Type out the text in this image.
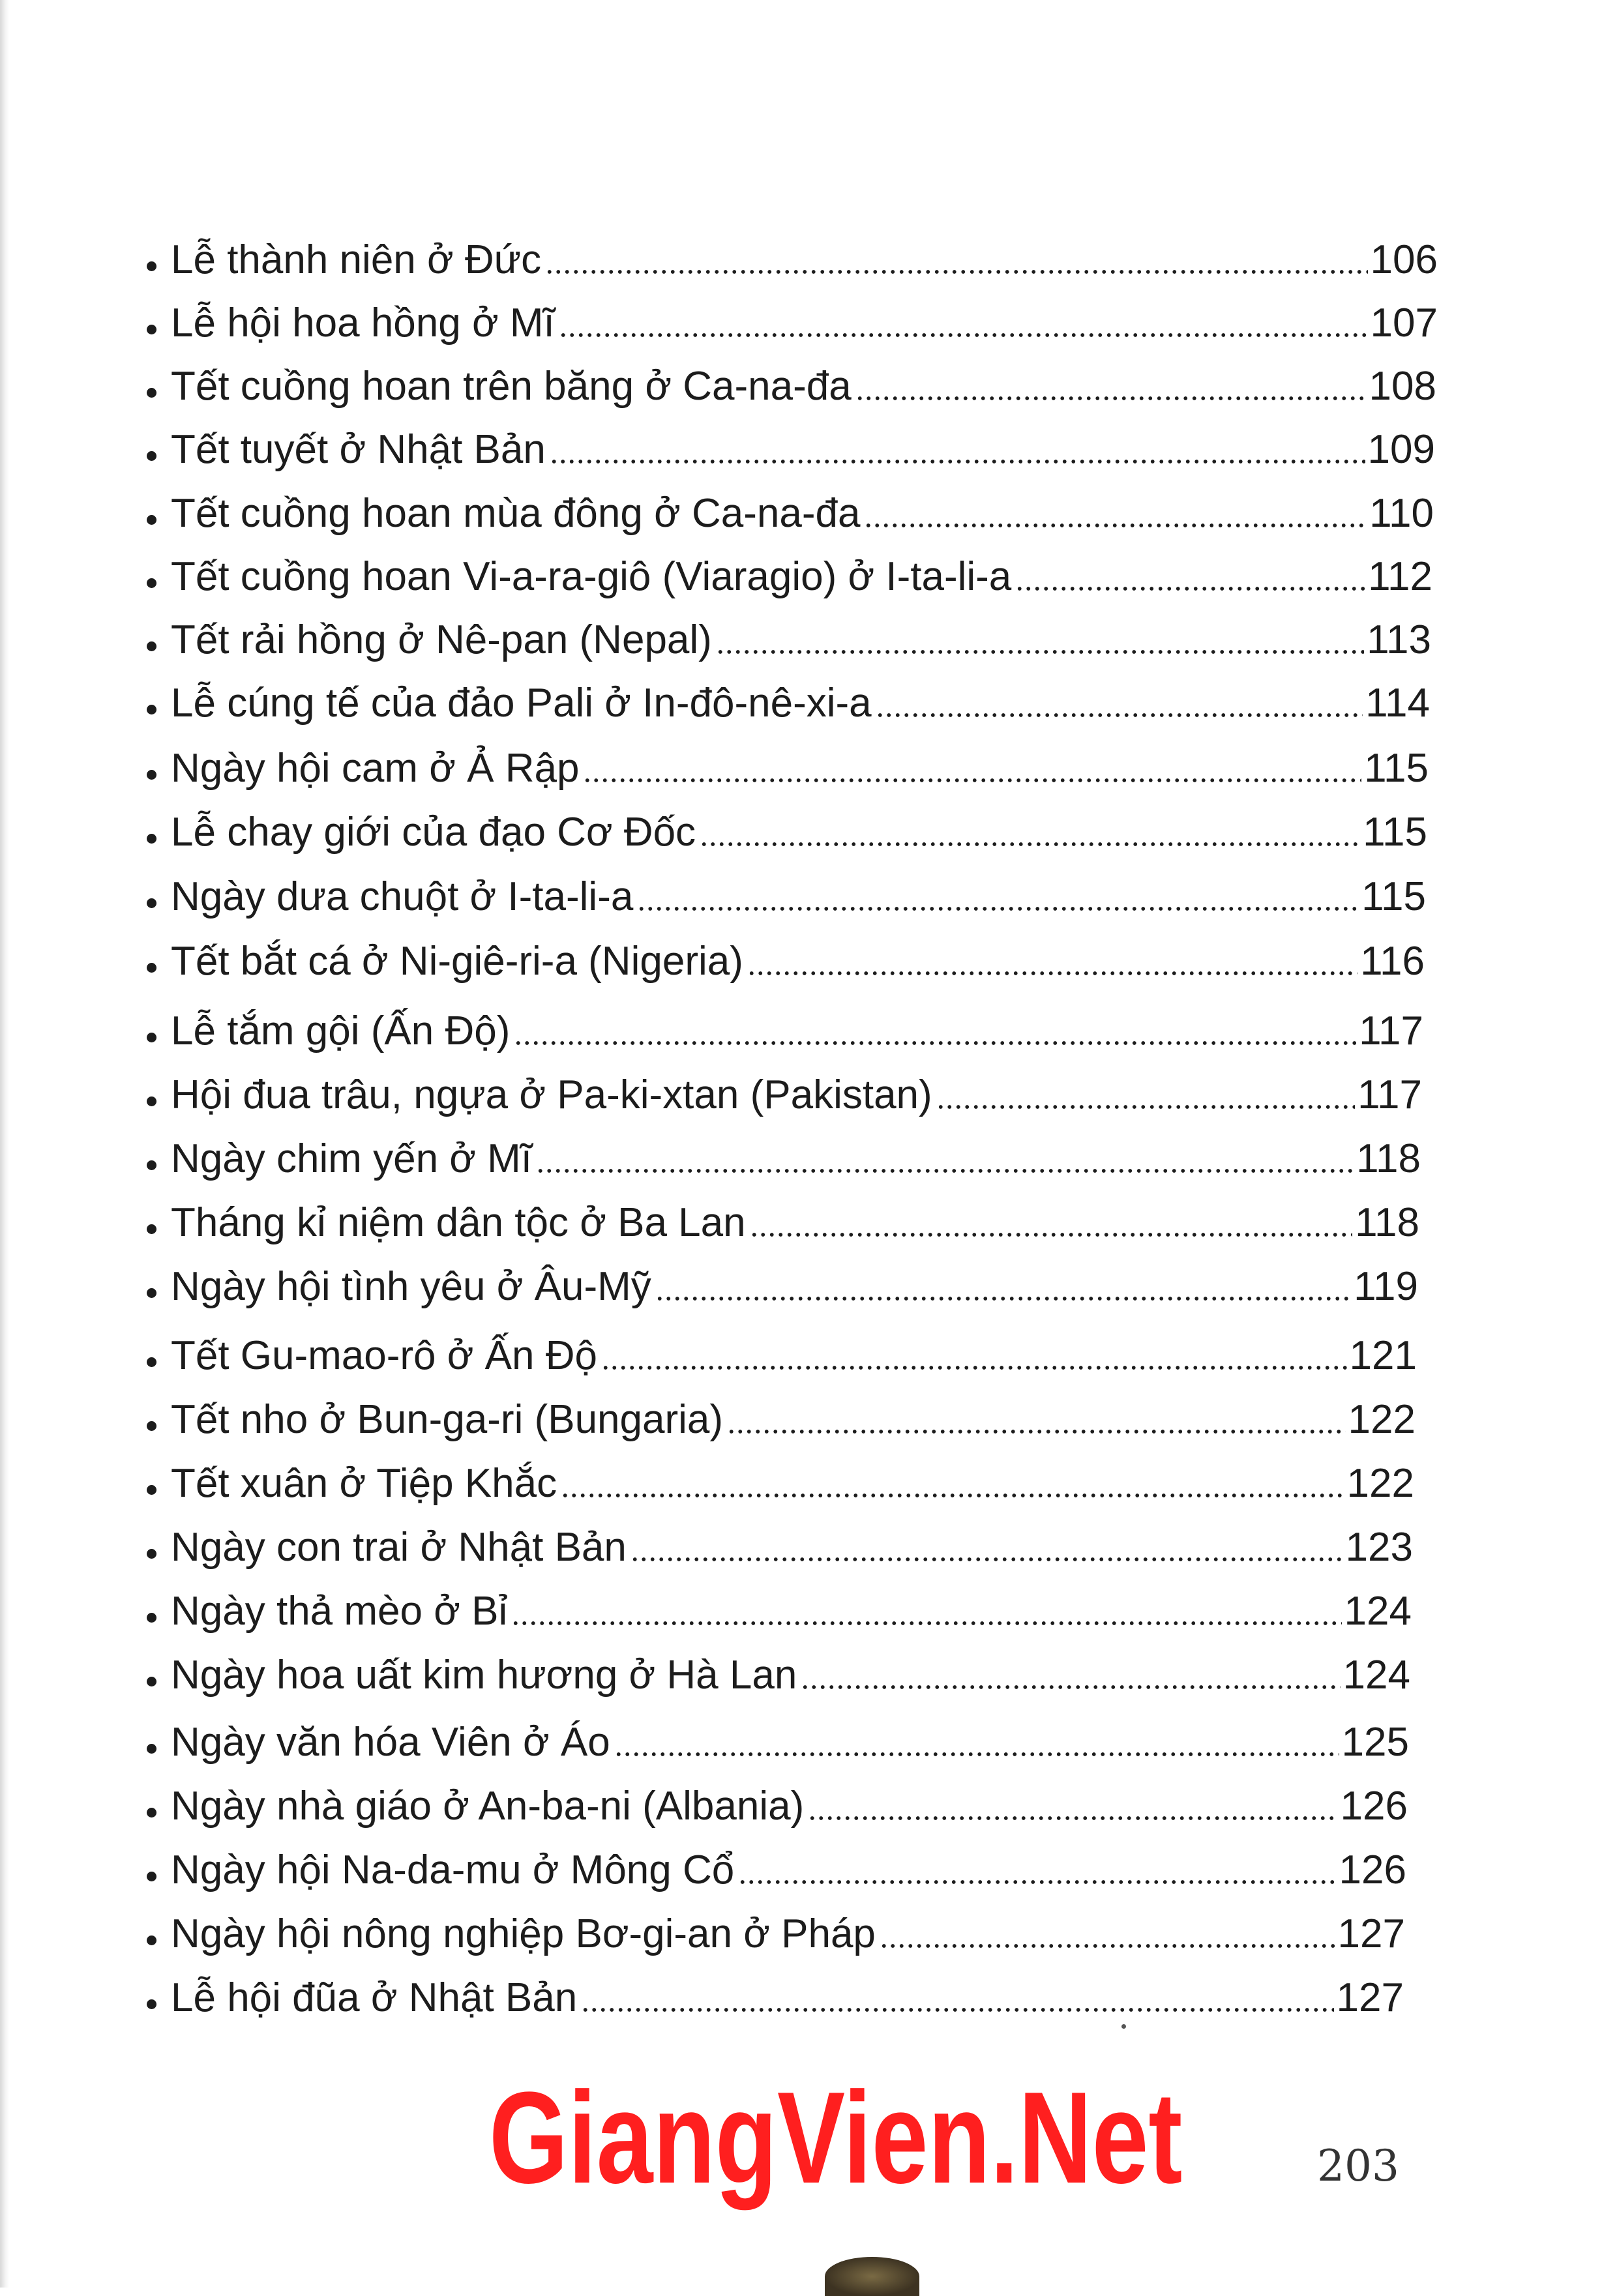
Lễ thành niên ở Đức	106
Lễ hội hoa hồng ở Mĩ	107
Tết cuồng hoan trên băng ở Ca-na-đa	108
Tết tuyết ở Nhật Bản	109
Tết cuồng hoan mùa đông ở Ca-na-đa	110
Tết cuồng hoan Vi-a-ra-giô (Viaragio) ở I-ta-li-a	112
Tết rải hồng ở Nê-pan (Nepal)	113
Lễ cúng tế của đảo Pali ở In-đô-nê-xi-a	114
Ngày hội cam ở Ả Rập	115
Lễ chay giới của đạo Cơ Đốc	115
Ngày dưa chuột ở I-ta-li-a	115
Tết bắt cá ở Ni-giê-ri-a (Nigeria)	116
Lễ tắm gội (Ấn Độ)	117
Hội đua trâu, ngựa ở Pa-ki-xtan (Pakistan)	117
Ngày chim yến ở Mĩ	118
Tháng kỉ niệm dân tộc ở Ba Lan	118
Ngày hội tình yêu ở Âu-Mỹ	119
Tết Gu-mao-rô ở Ấn Độ	121
Tết nho ở Bun-ga-ri (Bungaria)	122
Tết xuân ở Tiệp Khắc	122
Ngày con trai ở Nhật Bản	123
Ngày thả mèo ở Bỉ	124
Ngày hoa uất kim hương ở Hà Lan	124
Ngày văn hóa Viên ở Áo	125
Ngày nhà giáo ở An-ba-ni (Albania)	126
Ngày hội Na-da-mu ở Mông Cổ	126
Ngày hội nông nghiệp Bơ-gi-an ở Pháp	127
Lễ hội đũa ở Nhật Bản	127
GiangVien.Net	203
